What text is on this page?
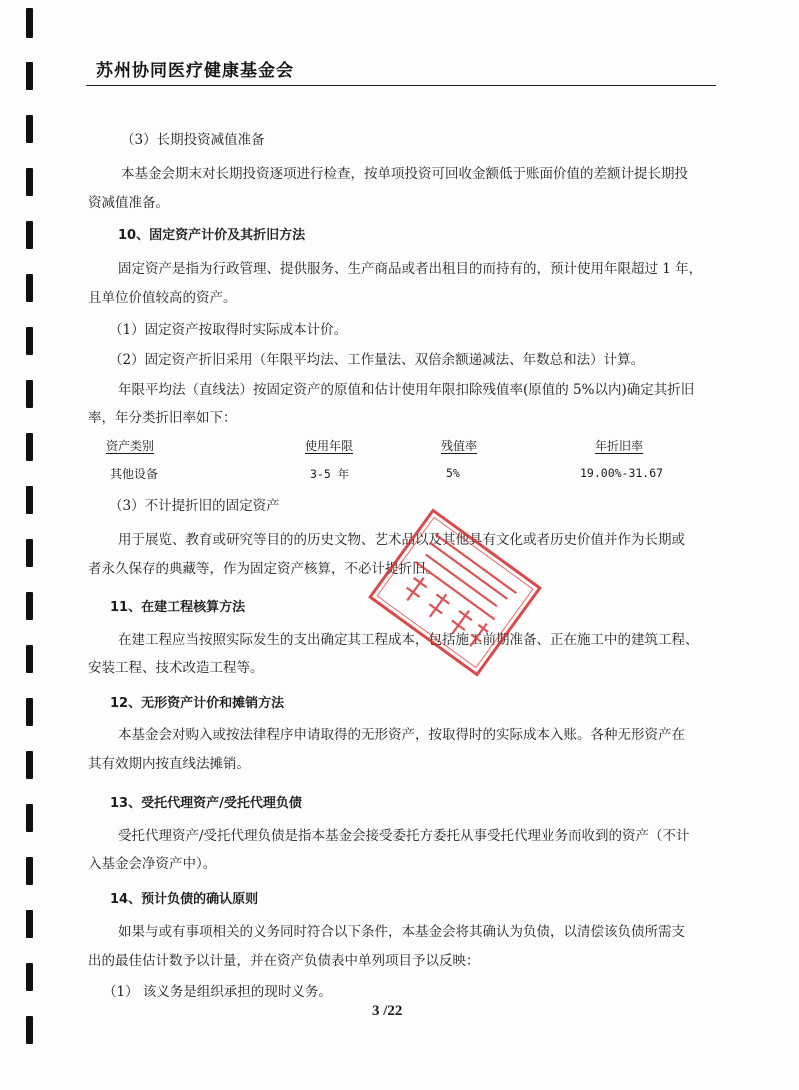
苏州协同医疗健康基金会
（3）长期投资减值准备
本基金会期末对长期投资逐项进行检查，按单项投资可回收金额低于账面价值的差额计提长期投
资减值准备。
10、固定资产计价及其折旧方法
固定资产是指为行政管理、提供服务、生产商品或者出租目的而持有的，预计使用年限超过 1 年，
且单位价值较高的资产。
（1）固定资产按取得时实际成本计价。
（2）固定资产折旧采用（年限平均法、工作量法、双倍余额递减法、年数总和法）计算。
年限平均法（直线法）按固定资产的原值和估计使用年限扣除残值率(原值的 5%以内)确定其折旧
率，年分类折旧率如下：
资产类别	使用年限	残值率	年折旧率
其他设备	3-5 年	5%	19.00%-31.67
（3）不计提折旧的固定资产
用于展览、教育或研究等目的的历史文物、艺术品以及其他具有文化或者历史价值并作为长期或
者永久保存的典藏等，作为固定资产核算，不必计提折旧。
11、在建工程核算方法
在建工程应当按照实际发生的支出确定其工程成本，包括施工前期准备、正在施工中的建筑工程、
安装工程、技术改造工程等。
12、无形资产计价和摊销方法
本基金会对购入或按法律程序申请取得的无形资产，按取得时的实际成本入账。各种无形资产在
其有效期内按直线法摊销。
13、受托代理资产/受托代理负债
受托代理资产/受托代理负债是指本基金会接受委托方委托从事受托代理业务而收到的资产（不计
入基金会净资产中）。
14、预计负债的确认原则
如果与或有事项相关的义务同时符合以下条件，本基金会将其确认为负债，以清偿该负债所需支
出的最佳估计数予以计量，并在资产负债表中单列项目予以反映：
（1） 该义务是组织承担的现时义务。
3 /22
